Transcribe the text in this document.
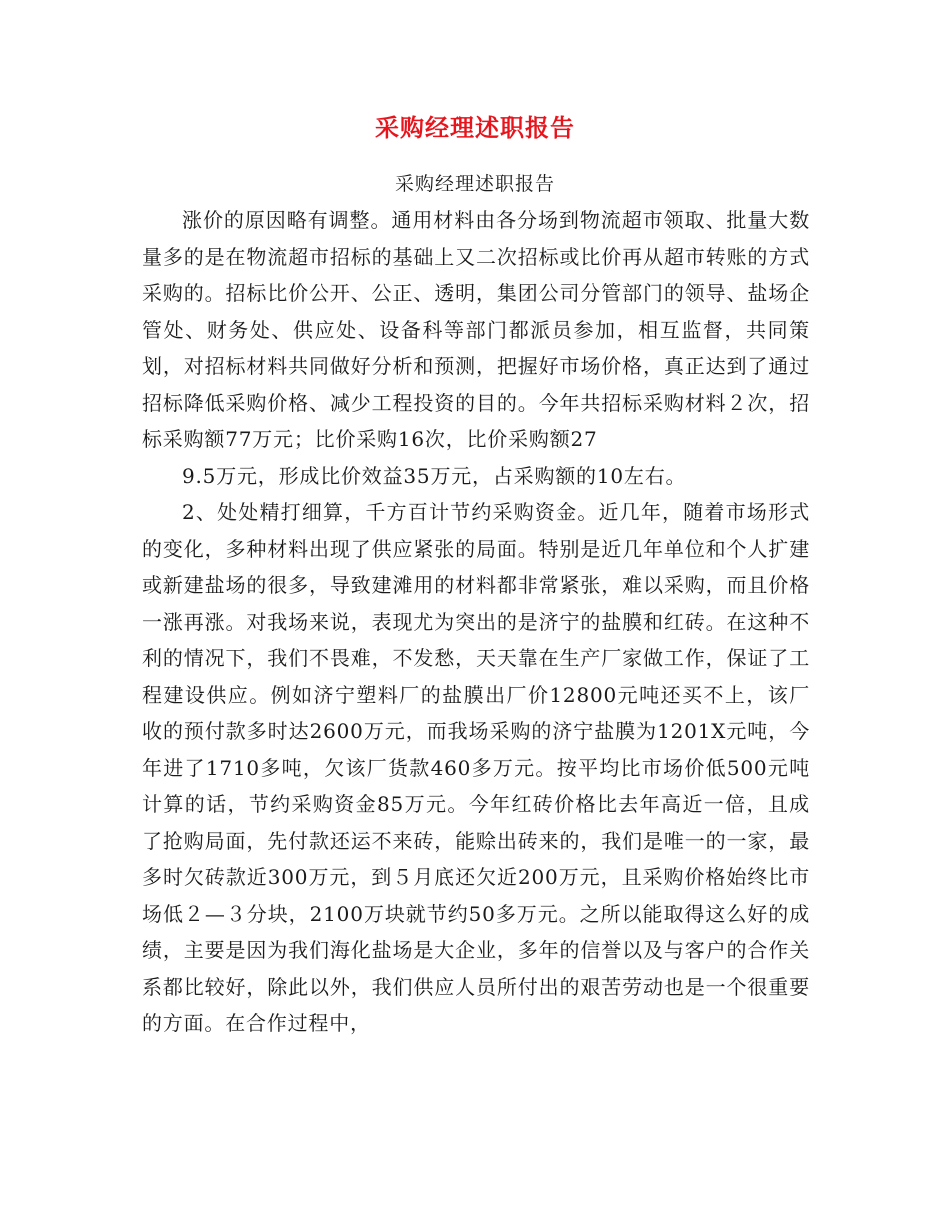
采购经理述职报告
采购经理述职报告

涨价的原因略有调整。通用材料由各分场到物流超市领取、批量大数量多的是在物流超市招标的基础上又二次招标或比价再从超市转账的方式采购的。招标比价公开、公正、透明，集团公司分管部门的领导、盐场企管处、财务处、供应处、设备科等部门都派员参加，相互监督，共同策划，对招标材料共同做好分析和预测，把握好市场价格，真正达到了通过招标降低采购价格、减少工程投资的目的。今年共招标采购材料２次，招标采购额77万元；比价采购16次，比价采购额27

9.5万元，形成比价效益35万元，占采购额的10左右。

2、处处精打细算，千方百计节约采购资金。近几年，随着市场形式的变化，多种材料出现了供应紧张的局面。特别是近几年单位和个人扩建或新建盐场的很多，导致建滩用的材料都非常紧张，难以采购，而且价格一涨再涨。对我场来说，表现尤为突出的是济宁的盐膜和红砖。在这种不利的情况下，我们不畏难，不发愁，天天靠在生产厂家做工作，保证了工程建设供应。例如济宁塑料厂的盐膜出厂价12800元吨还买不上，该厂收的预付款多时达2600万元，而我场采购的济宁盐膜为1201X元吨，今年进了1710多吨，欠该厂货款460多万元。按平均比市场价低500元吨计算的话，节约采购资金85万元。今年红砖价格比去年高近一倍，且成了抢购局面，先付款还运不来砖，能赊出砖来的，我们是唯一的一家，最多时欠砖款近300万元，到５月底还欠近200万元，且采购价格始终比市场低２—３分块，2100万块就节约50多万元。之所以能取得这么好的成绩，主要是因为我们海化盐场是大企业，多年的信誉以及与客户的合作关系都比较好，除此以外，我们供应人员所付出的艰苦劳动也是一个很重要的方面。在合作过程中，
